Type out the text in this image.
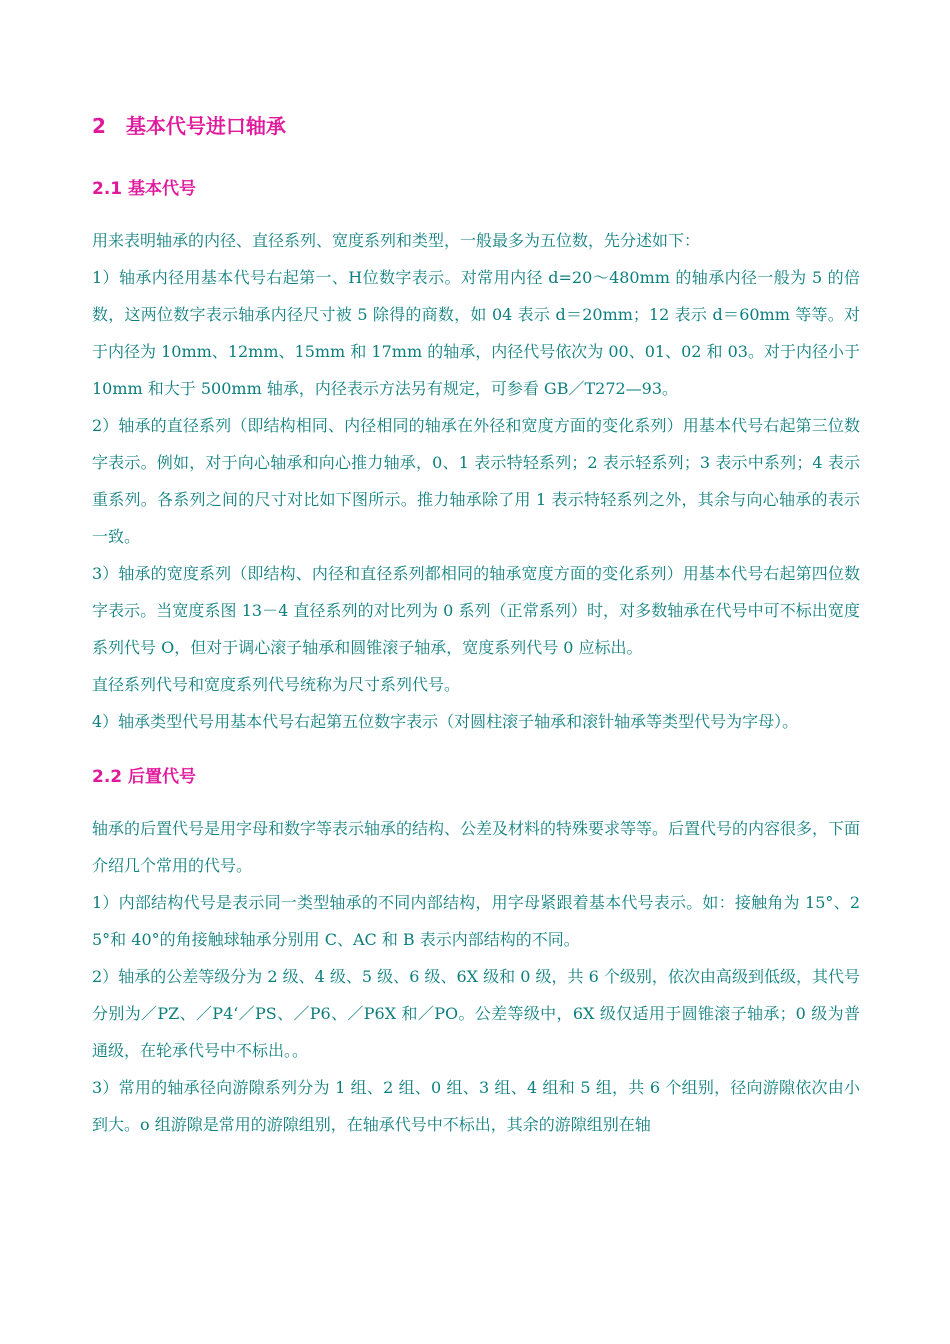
2　基本代号进口轴承
2.1 基本代号

用来表明轴承的内径、直径系列、宽度系列和类型，一般最多为五位数，先分述如下：

1）轴承内径用基本代号右起第一、H位数字表示。对常用内径 d=20～480mm 的轴承内径一般为 5 的倍数，这两位数字表示轴承内径尺寸被 5 除得的商数，如 04 表示 d＝20mm；12 表示 d＝60mm 等等。对于内径为 10mm、12mm、15mm 和 17mm 的轴承，内径代号依次为 00、01、02 和 03。对于内径小于 10mm 和大于 500mm 轴承，内径表示方法另有规定，可参看 GB／T272—93。

2）轴承的直径系列（即结构相同、内径相同的轴承在外径和宽度方面的变化系列）用基本代号右起第三位数字表示。例如，对于向心轴承和向心推力轴承，0、1 表示特轻系列；2 表示轻系列；3 表示中系列；4 表示重系列。各系列之间的尺寸对比如下图所示。推力轴承除了用 1 表示特轻系列之外，其余与向心轴承的表示一致。

3）轴承的宽度系列（即结构、内径和直径系列都相同的轴承宽度方面的变化系列）用基本代号右起第四位数字表示。当宽度系图 13－4 直径系列的对比列为 0 系列（正常系列）时，对多数轴承在代号中可不标出宽度系列代号 O，但对于调心滚子轴承和圆锥滚子轴承，宽度系列代号 0 应标出。

直径系列代号和宽度系列代号统称为尺寸系列代号。

4）轴承类型代号用基本代号右起第五位数字表示（对圆柱滚子轴承和滚针轴承等类型代号为字母）。

2.2 后置代号

轴承的后置代号是用字母和数字等表示轴承的结构、公差及材料的特殊要求等等。后置代号的内容很多，下面介绍几个常用的代号。

1）内部结构代号是表示同一类型轴承的不同内部结构，用字母紧跟着基本代号表示。如：接触角为 15°、25°和 40°的角接触球轴承分别用 C、AC 和 B 表示内部结构的不同。

2）轴承的公差等级分为 2 级、4 级、5 级、6 级、6X 级和 0 级，共 6 个级别，依次由高级到低级，其代号分别为／PZ、／P4‘／PS、／P6、／P6X 和／PO。公差等级中，6X 级仅适用于圆锥滚子轴承；0 级为普通级，在轮承代号中不标出。。

3）常用的轴承径向游隙系列分为 1 组、2 组、0 组、3 组、4 组和 5 组，共 6 个组别，径向游隙依次由小到大。o 组游隙是常用的游隙组别，在轴承代号中不标出，其余的游隙组别在轴
